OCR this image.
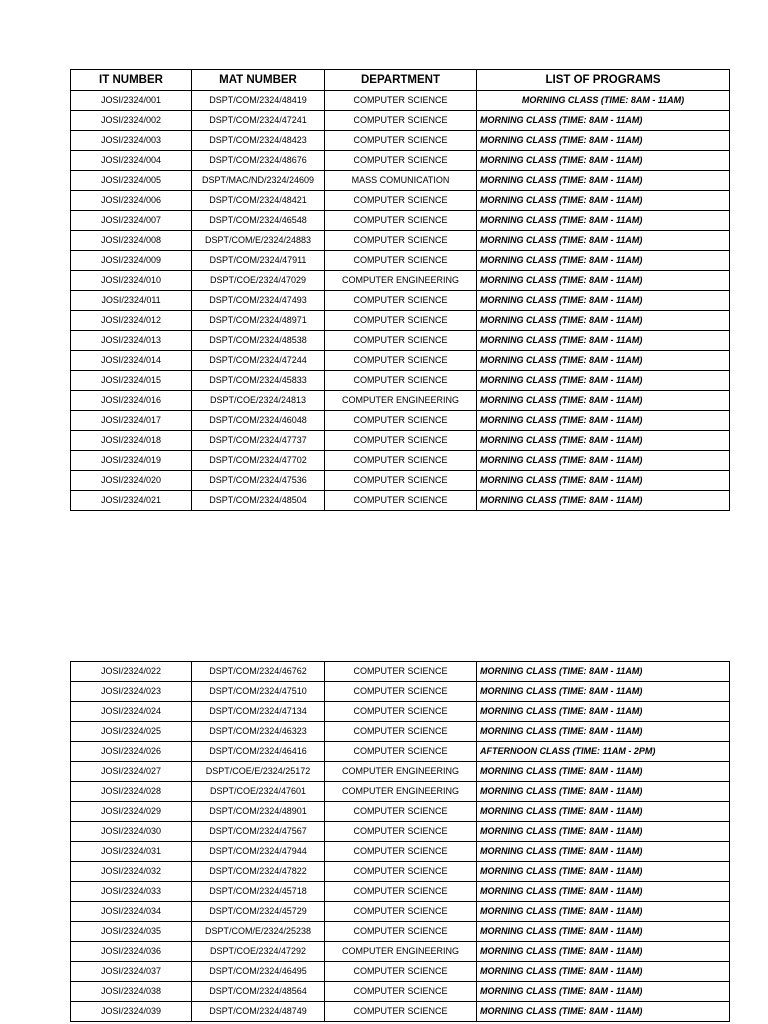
IT NUMBER	MAT NUMBER	DEPARTMENT	LIST OF PROGRAMS
JOSI/2324/001	DSPT/COM/2324/48419	COMPUTER SCIENCE	MORNING CLASS (TIME: 8AM - 11AM)
JOSI/2324/002	DSPT/COM/2324/47241	COMPUTER SCIENCE	MORNING CLASS (TIME: 8AM - 11AM)
JOSI/2324/003	DSPT/COM/2324/48423	COMPUTER SCIENCE	MORNING CLASS (TIME: 8AM - 11AM)
JOSI/2324/004	DSPT/COM/2324/48676	COMPUTER SCIENCE	MORNING CLASS (TIME: 8AM - 11AM)
JOSI/2324/005	DSPT/MAC/ND/2324/24609	MASS COMUNICATION	MORNING CLASS (TIME: 8AM - 11AM)
JOSI/2324/006	DSPT/COM/2324/48421	COMPUTER SCIENCE	MORNING CLASS (TIME: 8AM - 11AM)
JOSI/2324/007	DSPT/COM/2324/46548	COMPUTER SCIENCE	MORNING CLASS (TIME: 8AM - 11AM)
JOSI/2324/008	DSPT/COM/E/2324/24883	COMPUTER SCIENCE	MORNING CLASS (TIME: 8AM - 11AM)
JOSI/2324/009	DSPT/COM/2324/47911	COMPUTER SCIENCE	MORNING CLASS (TIME: 8AM - 11AM)
JOSI/2324/010	DSPT/COE/2324/47029	COMPUTER ENGINEERING	MORNING CLASS (TIME: 8AM - 11AM)
JOSI/2324/011	DSPT/COM/2324/47493	COMPUTER SCIENCE	MORNING CLASS (TIME: 8AM - 11AM)
JOSI/2324/012	DSPT/COM/2324/48971	COMPUTER SCIENCE	MORNING CLASS (TIME: 8AM - 11AM)
JOSI/2324/013	DSPT/COM/2324/48538	COMPUTER SCIENCE	MORNING CLASS (TIME: 8AM - 11AM)
JOSI/2324/014	DSPT/COM/2324/47244	COMPUTER SCIENCE	MORNING CLASS (TIME: 8AM - 11AM)
JOSI/2324/015	DSPT/COM/2324/45833	COMPUTER SCIENCE	MORNING CLASS (TIME: 8AM - 11AM)
JOSI/2324/016	DSPT/COE/2324/24813	COMPUTER ENGINEERING	MORNING CLASS (TIME: 8AM - 11AM)
JOSI/2324/017	DSPT/COM/2324/46048	COMPUTER SCIENCE	MORNING CLASS (TIME: 8AM - 11AM)
JOSI/2324/018	DSPT/COM/2324/47737	COMPUTER SCIENCE	MORNING CLASS (TIME: 8AM - 11AM)
JOSI/2324/019	DSPT/COM/2324/47702	COMPUTER SCIENCE	MORNING CLASS (TIME: 8AM - 11AM)
JOSI/2324/020	DSPT/COM/2324/47536	COMPUTER SCIENCE	MORNING CLASS (TIME: 8AM - 11AM)
JOSI/2324/021	DSPT/COM/2324/48504	COMPUTER SCIENCE	MORNING CLASS (TIME: 8AM - 11AM)
JOSI/2324/022	DSPT/COM/2324/46762	COMPUTER SCIENCE	MORNING CLASS (TIME: 8AM - 11AM)
JOSI/2324/023	DSPT/COM/2324/47510	COMPUTER SCIENCE	MORNING CLASS (TIME: 8AM - 11AM)
JOSI/2324/024	DSPT/COM/2324/47134	COMPUTER SCIENCE	MORNING CLASS (TIME: 8AM - 11AM)
JOSI/2324/025	DSPT/COM/2324/46323	COMPUTER SCIENCE	MORNING CLASS (TIME: 8AM - 11AM)
JOSI/2324/026	DSPT/COM/2324/46416	COMPUTER SCIENCE	AFTERNOON CLASS (TIME: 11AM - 2PM)
JOSI/2324/027	DSPT/COE/E/2324/25172	COMPUTER ENGINEERING	MORNING CLASS (TIME: 8AM - 11AM)
JOSI/2324/028	DSPT/COE/2324/47601	COMPUTER ENGINEERING	MORNING CLASS (TIME: 8AM - 11AM)
JOSI/2324/029	DSPT/COM/2324/48901	COMPUTER SCIENCE	MORNING CLASS (TIME: 8AM - 11AM)
JOSI/2324/030	DSPT/COM/2324/47567	COMPUTER SCIENCE	MORNING CLASS (TIME: 8AM - 11AM)
JOSI/2324/031	DSPT/COM/2324/47944	COMPUTER SCIENCE	MORNING CLASS (TIME: 8AM - 11AM)
JOSI/2324/032	DSPT/COM/2324/47822	COMPUTER SCIENCE	MORNING CLASS (TIME: 8AM - 11AM)
JOSI/2324/033	DSPT/COM/2324/45718	COMPUTER SCIENCE	MORNING CLASS (TIME: 8AM - 11AM)
JOSI/2324/034	DSPT/COM/2324/45729	COMPUTER SCIENCE	MORNING CLASS (TIME: 8AM - 11AM)
JOSI/2324/035	DSPT/COM/E/2324/25238	COMPUTER SCIENCE	MORNING CLASS (TIME: 8AM - 11AM)
JOSI/2324/036	DSPT/COE/2324/47292	COMPUTER ENGINEERING	MORNING CLASS (TIME: 8AM - 11AM)
JOSI/2324/037	DSPT/COM/2324/46495	COMPUTER SCIENCE	MORNING CLASS (TIME: 8AM - 11AM)
JOSI/2324/038	DSPT/COM/2324/48564	COMPUTER SCIENCE	MORNING CLASS (TIME: 8AM - 11AM)
JOSI/2324/039	DSPT/COM/2324/48749	COMPUTER SCIENCE	MORNING CLASS (TIME: 8AM - 11AM)
